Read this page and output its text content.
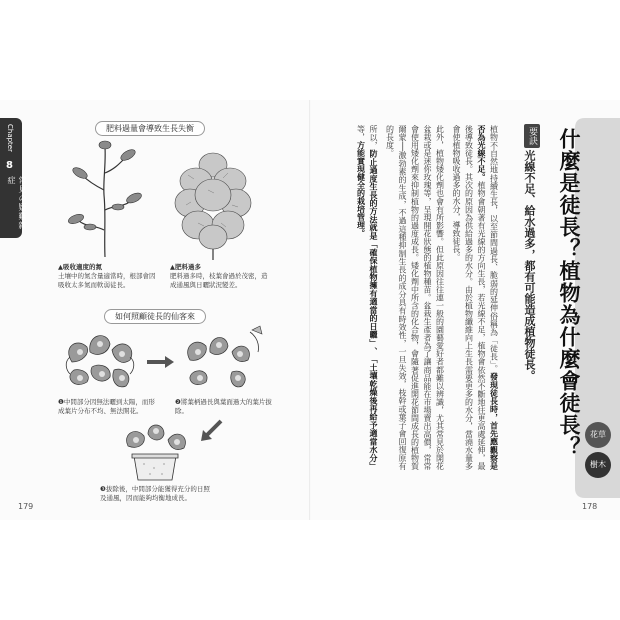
Chapter
8
常見の疑難雜症
肥料過量會導致生長失衡
▲吸收適度的氮
土壤中的氮含量適當時，根部會因吸收太多氮而軟弱徒長。
▲肥料過多
肥料過多時，枝葉會過於茂密，造成通風與日曬狀況變差。
如何照顧徒長的仙客來
❶中間部分因無法曬到太陽，而形成葉片分布不均、無法開花。
❷將葉柄過長與葉面過大的葉片拔除。
❸拔除後，中間部分能獲得充分的日照及通風，因而能夠均衡地成長。
179
什麼是徒長？植物為什麼會徒長？
要訣
光線不足、給水過多，都有可能造成植物徒長。

植物不自然地持續生長，以至節間過長、脆弱的延伸俗稱為「徒長」。發現徒長時，首先應觀察是否為光線不足。植物會朝著有光線的方向生長，若光線不足，植物會依然不斷地往更高處延伸，最後導致徒長。其次的原因為供給過多的水分。由於植物纖維向上生長需要更多的水分，當澆水量多會使植物吸收過多的水分，導致徒長。

此外，植物矮化劑也會有所影響。但此原因往往連一般的園藝愛好者都難以辨識，尤其常見於開花盆栽或是迷你玫瑰等，呈現開花狀態的植物種苗。盆栽生產者為了讓商品能在市場賣出高價，常常會使用矮化劑來抑制植物的過度成長。矮化劑中所含的化合物，會隨著促進開花節間成長的植物賀爾蒙──激勃素的生成，不過這種抑制生長的成分具有時效性，一旦失效，枝幹或葉子會回復原有的長度。

所以，防止過度生長的方法就是「確保植物擁有適當的日曬」、「土壤乾燥後再給予適當水分」等，方能實現健全的栽培管理。

花草
樹木
178
